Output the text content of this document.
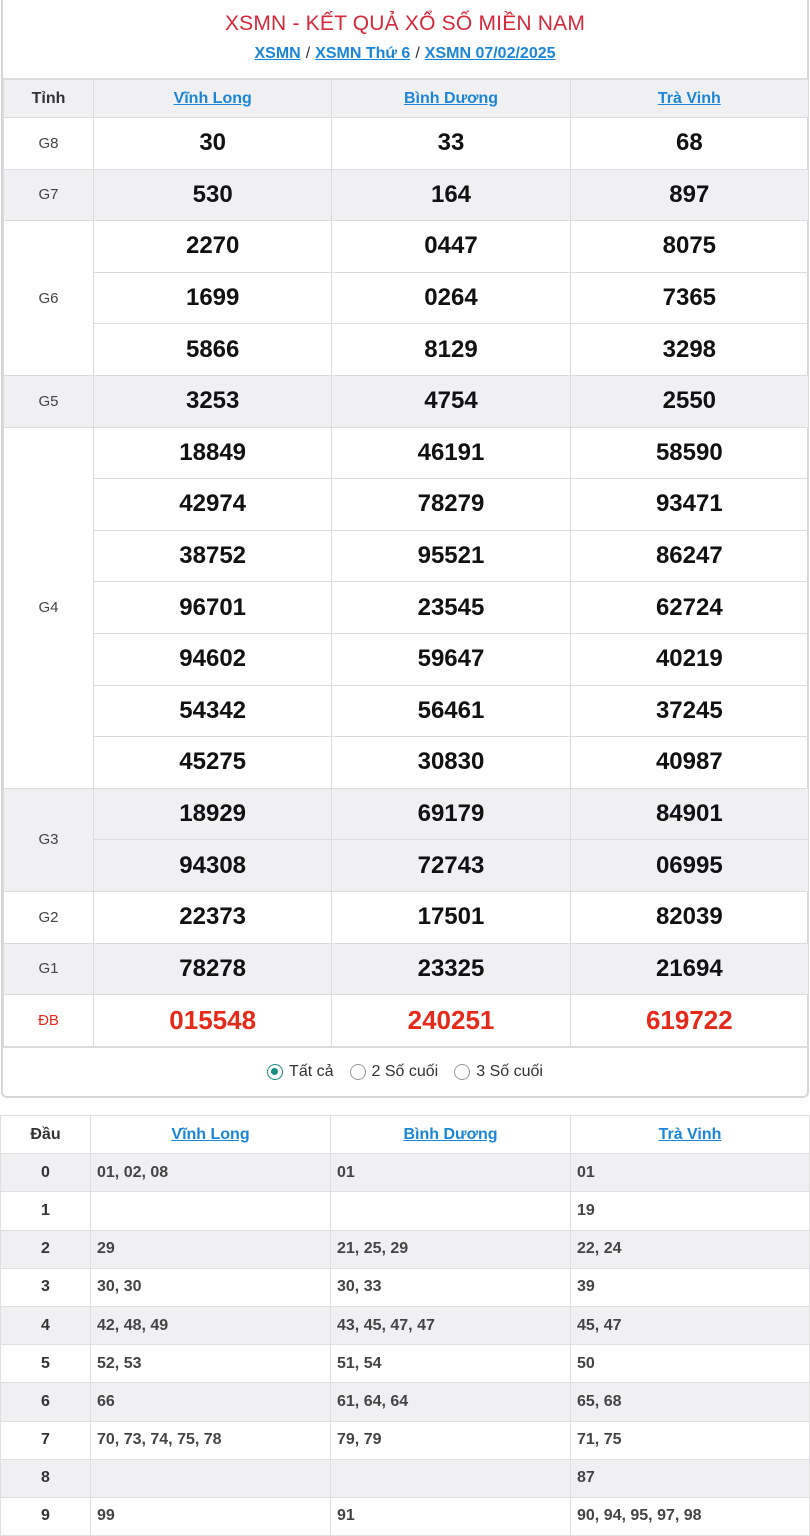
XSMN - KẾT QUẢ XỔ SỐ MIỀN NAM
XSMN / XSMN Thứ 6 / XSMN 07/02/2025
Tỉnh	Vĩnh Long	Bình Dương	Trà Vinh
G8	30	33	68
G7	530	164	897
G6	2270	0447	8075
	1699	0264	7365
	5866	8129	3298
G5	3253	4754	2550
G4	18849	46191	58590
	42974	78279	93471
	38752	95521	86247
	96701	23545	62724
	94602	59647	40219
	54342	56461	37245
	45275	30830	40987
G3	18929	69179	84901
	94308	72743	06995
G2	22373	17501	82039
G1	78278	23325	21694
ĐB	015548	240251	619722
Tất cả 2 Số cuối 3 Số cuối
Đầu	Vĩnh Long	Bình Dương	Trà Vinh
0	01, 02, 08	01	01
1			19
2	29	21, 25, 29	22, 24
3	30, 30	30, 33	39
4	42, 48, 49	43, 45, 47, 47	45, 47
5	52, 53	51, 54	50
6	66	61, 64, 64	65, 68
7	70, 73, 74, 75, 78	79, 79	71, 75
8			87
9	99	91	90, 94, 95, 97, 98
